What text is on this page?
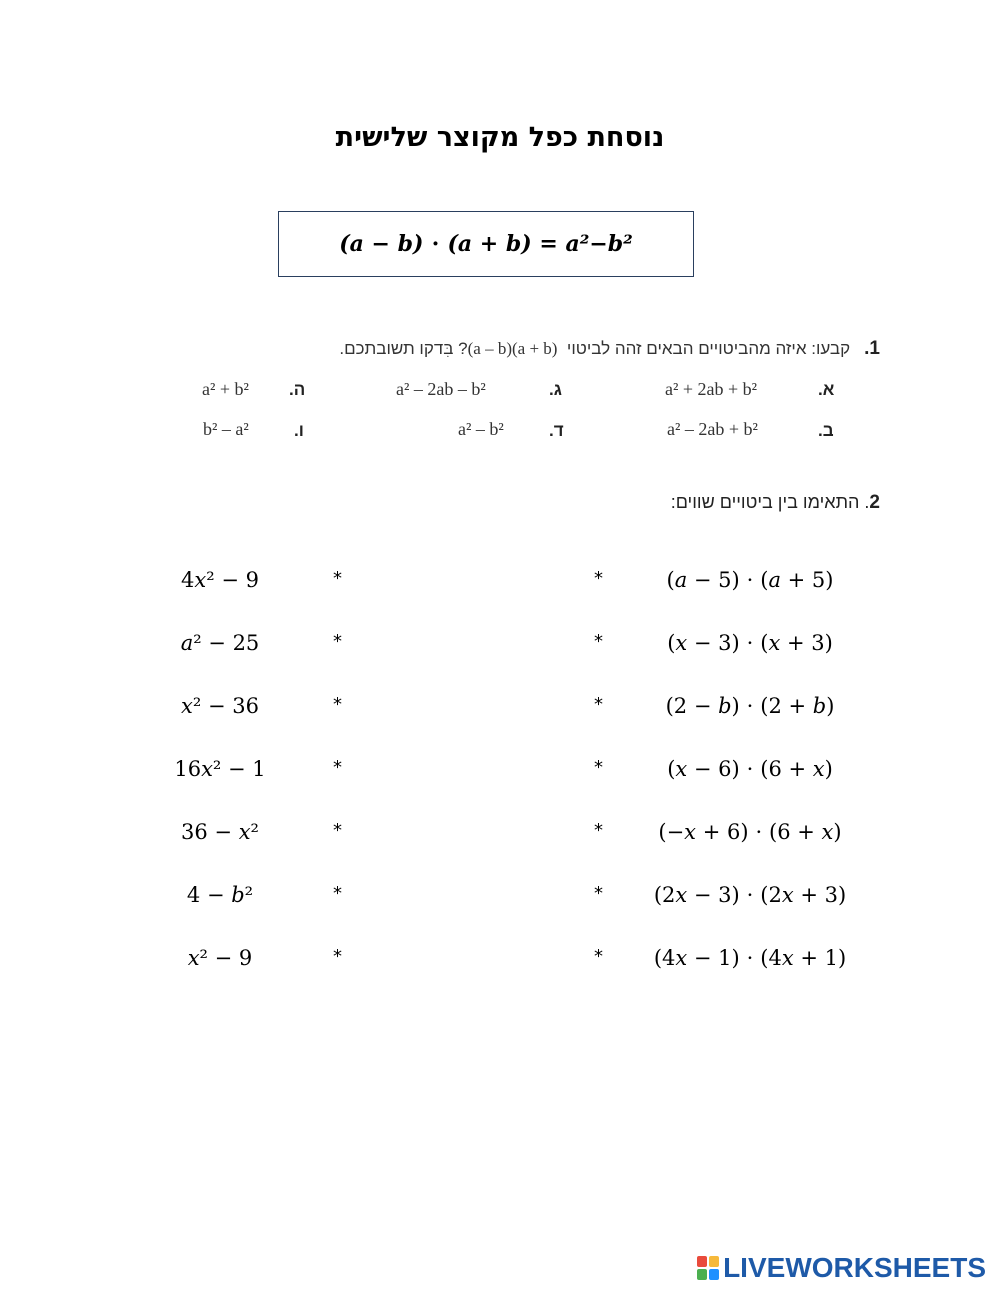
נוסחת כפל מקוצר שלישית
(𝒂 − 𝒃) ⋅ (𝒂 + 𝒃) = 𝒂²−𝒃²
1.קבעו: איזה מהביטויים הבאים זהה לביטוי  (a – b)(a + b)? בִּדקו תשובתכם.
א.
a² + 2ab + b²
ג.
a² – 2ab – b²
ה.
a² + b²
ב.
a² – 2ab + b²
ד.
a² – b²
ו.
b² – a²
2. התאימו בין ביטויים שווים:
4𝑥² − 9	*	*	(𝑎 − 5) ⋅ (𝑎 + 5)
𝑎² − 25	*	*	(𝑥 − 3) ⋅ (𝑥 + 3)
𝑥² − 36	*	*	(2 − 𝑏) ⋅ (2 + 𝑏)
16𝑥² − 1	*	*	(𝑥 − 6) ⋅ (6 + 𝑥)
36 − 𝑥²	*	*	(−𝑥 + 6) ⋅ (6 + 𝑥)
4 − 𝑏²	*	*	(2𝑥 − 3) ⋅ (2𝑥 + 3)
𝑥² − 9	*	*	(4𝑥 − 1) ⋅ (4𝑥 + 1)
LIVEWORKSHEETS
